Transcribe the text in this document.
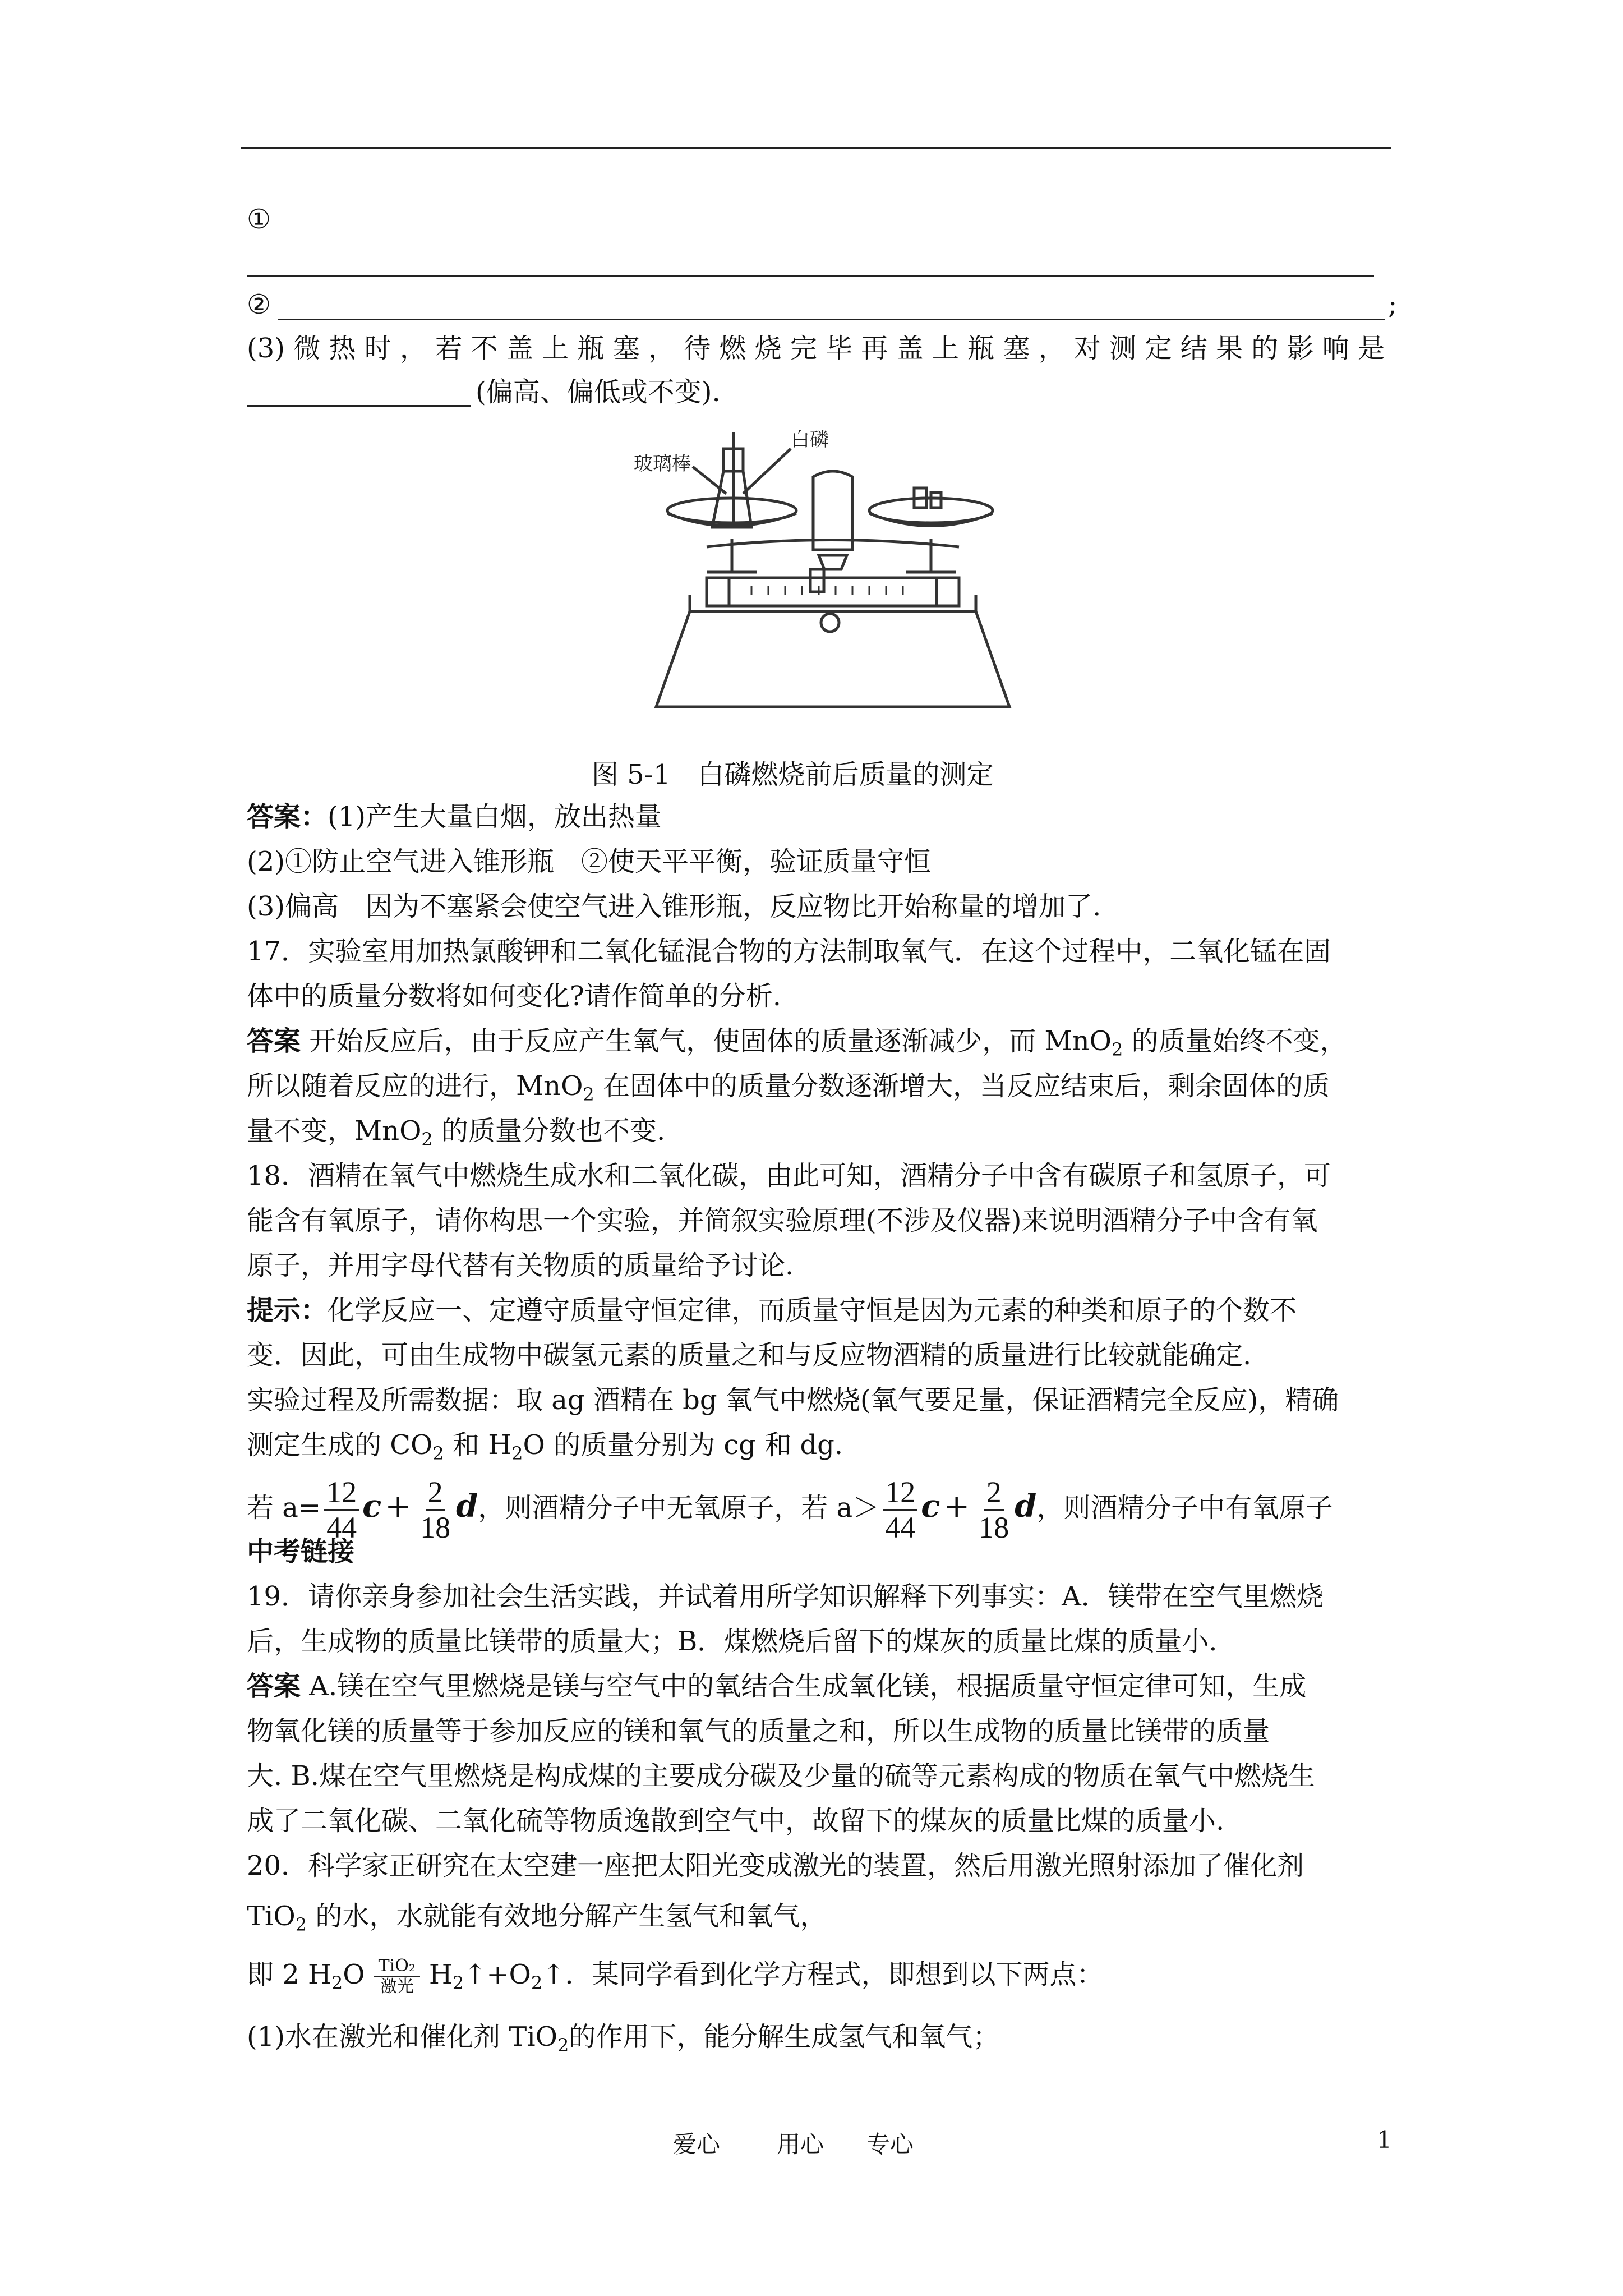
①
②	;
(3) 微 热 时 ， 若 不 盖 上 瓶 塞 ， 待 燃 烧 完 毕 再 盖 上 瓶 塞 ， 对 测 定 结 果 的 影 响 是
(偏高、偏低或不变).
玻璃棒
白磷
图 5-1　白磷燃烧前后质量的测定
答案：(1)产生大量白烟，放出热量
(2)①防止空气进入锥形瓶　②使天平平衡，验证质量守恒
(3)偏高　因为不塞紧会使空气进入锥形瓶，反应物比开始称量的增加了.
17．实验室用加热氯酸钾和二氧化锰混合物的方法制取氧气．在这个过程中，二氧化锰在固
体中的质量分数将如何变化?请作简单的分析.
答案 开始反应后，由于反应产生氧气，使固体的质量逐渐减少，而 MnO$_2$ 的质量始终不变，
所以随着反应的进行，MnO$_2$ 在固体中的质量分数逐渐增大，当反应结束后，剩余固体的质
量不变，MnO$_2$ 的质量分数也不变.
18．酒精在氧气中燃烧生成水和二氧化碳，由此可知，酒精分子中含有碳原子和氢原子，可
能含有氧原子，请你构思一个实验，并简叙实验原理(不涉及仪器)来说明酒精分子中含有氧
原子，并用字母代替有关物质的质量给予讨论.
提示：化学反应一、定遵守质量守恒定律，而质量守恒是因为元素的种类和原子的个数不
变．因此，可由生成物中碳氢元素的质量之和与反应物酒精的质量进行比较就能确定.
实验过程及所需数据：取 ag 酒精在 bg 氧气中燃烧(氧气要足量，保证酒精完全反应)，精确
测定生成的 $CO_2$ 和 $H_2O$ 的质量分别为 cg 和 dg.
若 $a= \frac{12}{44}$ $c + \frac{2}{18}$ d，则酒精分子中无氧原子，若 $a> \frac{12}{44}$ $c + \frac{2}{18}$ d，则酒精分子中有氧原子
中考链接
19．请你亲身参加社会生活实践，并试着用所学知识解释下列事实：A．镁带在空气里燃烧
后，生成物的质量比镁带的质量大；B．煤燃烧后留下的煤灰的质量比煤的质量小.
答案 A.镁在空气里燃烧是镁与空气中的氧结合生成氧化镁，根据质量守恒定律可知，生成
物氧化镁的质量等于参加反应的镁和氧气的质量之和，所以生成物的质量比镁带的质量
大. B.煤在空气里燃烧是构成煤的主要成分碳及少量的硫等元素构成的物质在氧气中燃烧生
成了二氧化碳、二氧化硫等物质逸散到空气中，故留下的煤灰的质量比煤的质量小.
20．科学家正研究在太空建一座把太阳光变成激光的装置，然后用激光照射添加了催化剂
TiO$_2$ 的水，水就能有效地分解产生氢气和氧气，
即 2 $H_2O$ TiO₂
激光 $H_2↑+O_2↑$．某同学看到化学方程式，即想到以下两点：
(1)水在激光和催化剂 TiO$_2$的作用下，能分解生成氢气和氧气；
爱心 用心 专心	1
